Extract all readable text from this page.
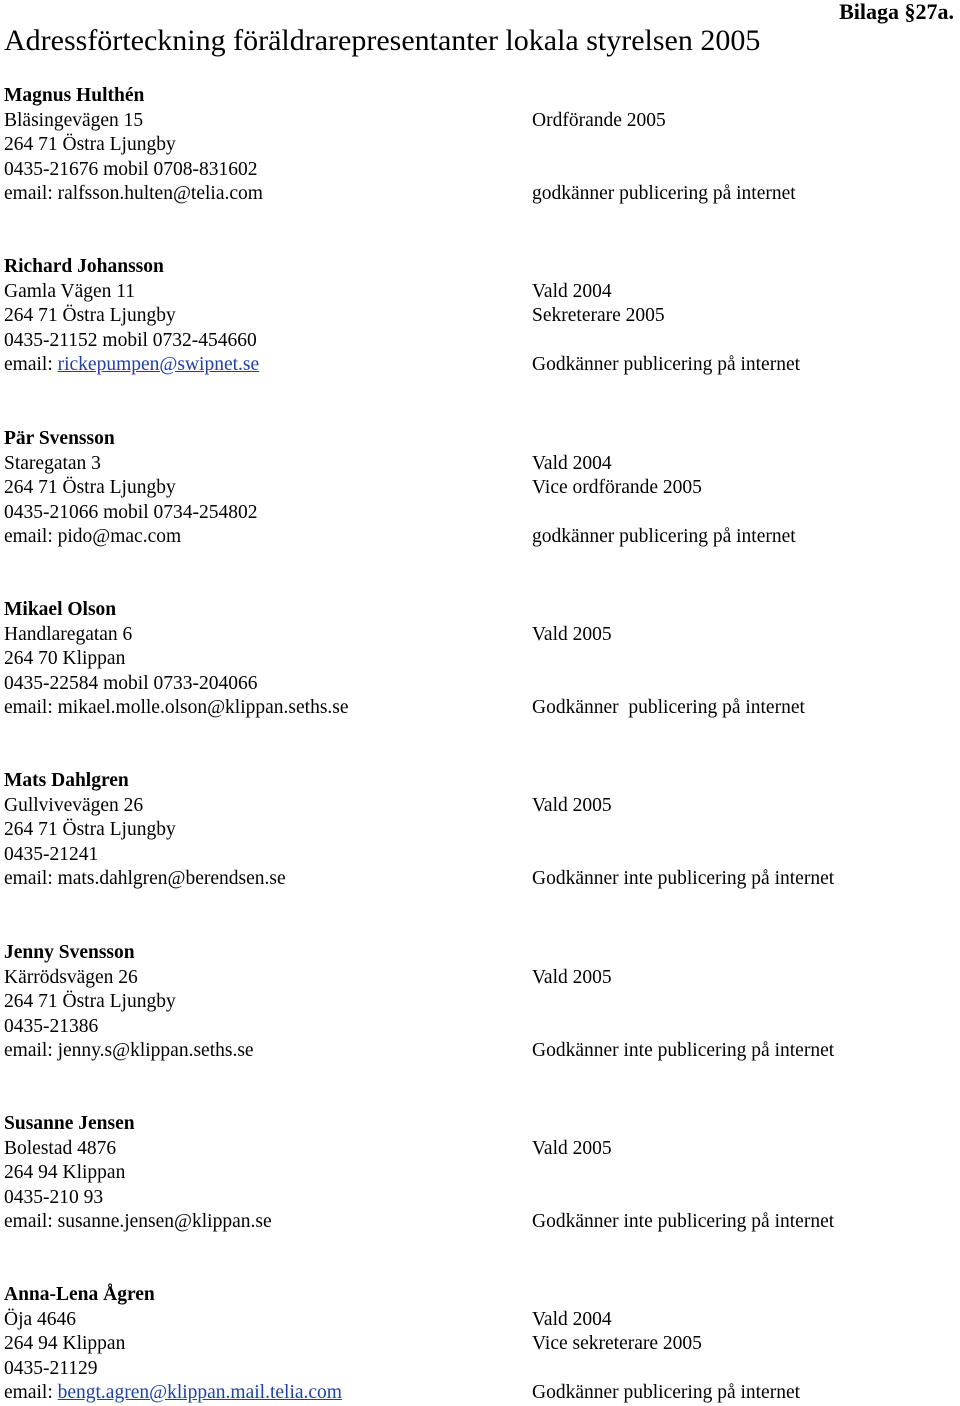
Bilaga §27a.
Adressförteckning föräldrarepresentanter lokala styrelsen 2005
Magnus Hulthén
Bläsingevägen 15	Ordförande 2005
264 71 Östra Ljungby
0435-21676 mobil 0708-831602
email: ralfsson.hulten@telia.com	godkänner publicering på internet
Richard Johansson
Gamla Vägen 11	Vald 2004
264 71 Östra Ljungby	Sekreterare 2005
0435-21152 mobil 0732-454660
email: rickepumpen@swipnet.se	Godkänner publicering på internet
Pär Svensson
Staregatan 3	Vald 2004
264 71 Östra Ljungby	Vice ordförande 2005
0435-21066 mobil 0734-254802
email: pido@mac.com	godkänner publicering på internet
Mikael Olson
Handlaregatan 6	Vald 2005
264 70 Klippan
0435-22584 mobil 0733-204066
email: mikael.molle.olson@klippan.seths.se	Godkänner  publicering på internet
Mats Dahlgren
Gullvivevägen 26	Vald 2005
264 71 Östra Ljungby
0435-21241
email: mats.dahlgren@berendsen.se	Godkänner inte publicering på internet
Jenny Svensson
Kärrödsvägen 26	Vald 2005
264 71 Östra Ljungby
0435-21386
email: jenny.s@klippan.seths.se	Godkänner inte publicering på internet
Susanne Jensen
Bolestad 4876	Vald 2005
264 94 Klippan
0435-210 93
email: susanne.jensen@klippan.se	Godkänner inte publicering på internet
Anna-Lena Ågren
Öja 4646	Vald 2004
264 94 Klippan	Vice sekreterare 2005
0435-21129
email: bengt.agren@klippan.mail.telia.com	Godkänner publicering på internet
